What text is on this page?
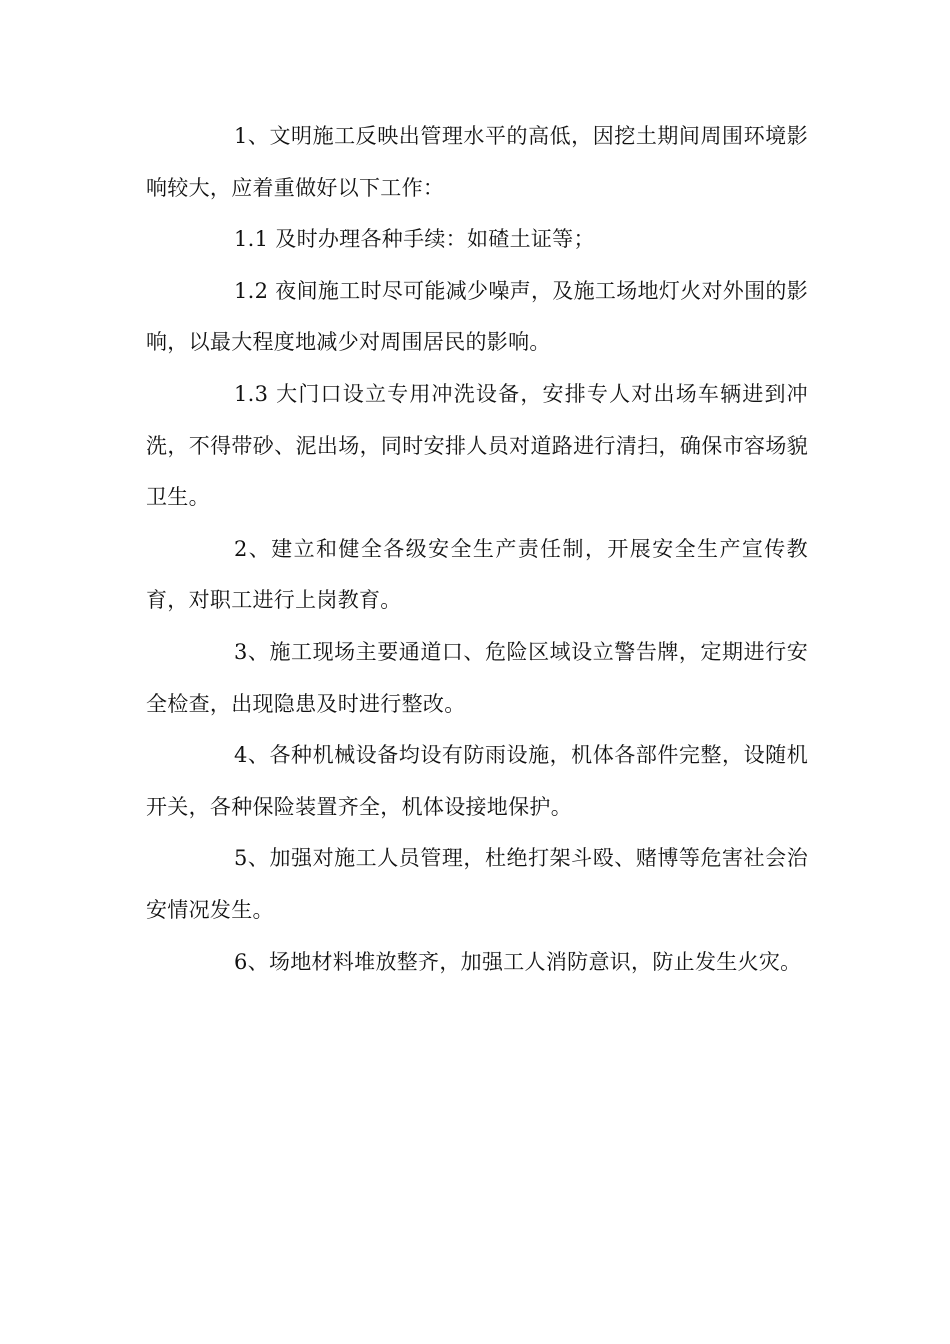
1、文明施工反映出管理水平的高低，因挖土期间周围环境影响较大，应着重做好以下工作：

1.1 及时办理各种手续：如碴土证等；

1.2 夜间施工时尽可能减少噪声，及施工场地灯火对外围的影响，以最大程度地减少对周围居民的影响。

1.3 大门口设立专用冲洗设备，安排专人对出场车辆进到冲洗，不得带砂、泥出场，同时安排人员对道路进行清扫，确保市容场貌卫生。

2、建立和健全各级安全生产责任制，开展安全生产宣传教育，对职工进行上岗教育。

3、施工现场主要通道口、危险区域设立警告牌，定期进行安全检查，出现隐患及时进行整改。

4、各种机械设备均设有防雨设施，机体各部件完整，设随机开关，各种保险装置齐全，机体设接地保护。

5、加强对施工人员管理，杜绝打架斗殴、赌博等危害社会治安情况发生。

6、场地材料堆放整齐，加强工人消防意识，防止发生火灾。
